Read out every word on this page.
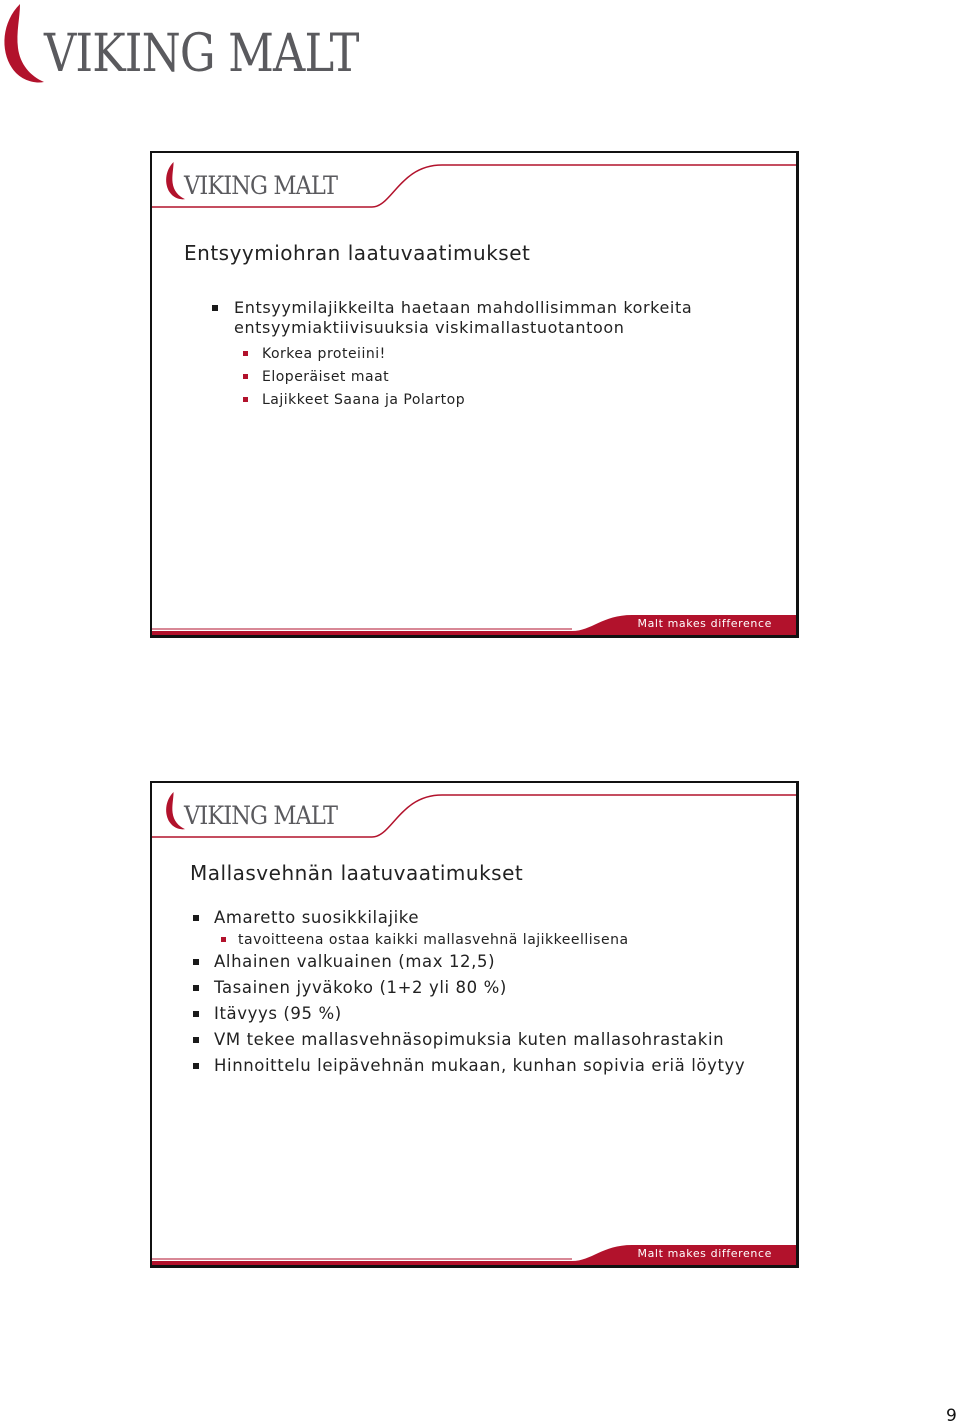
VIKING MALT
VIKING MALT
Entsyymiohran laatuvaatimukset
Entsyymilajikkeilta haetaan mahdollisimman korkeita entsyymiaktiivisuuksia viskimallastuotantoon
Korkea proteiini!
Eloperäiset maat
Lajikkeet Saana ja Polartop
Malt makes difference
VIKING MALT
Mallasvehnän laatuvaatimukset
Amaretto suosikkilajike
tavoitteena ostaa kaikki mallasvehnä lajikkeellisena
Alhainen valkuainen (max 12,5)
Tasainen jyväkoko (1+2 yli 80 %)
Itävyys (95 %)
VM tekee mallasvehnäsopimuksia kuten mallasohrastakin
Hinnoittelu leipävehnän mukaan, kunhan sopivia eriä löytyy
Malt makes difference
9
